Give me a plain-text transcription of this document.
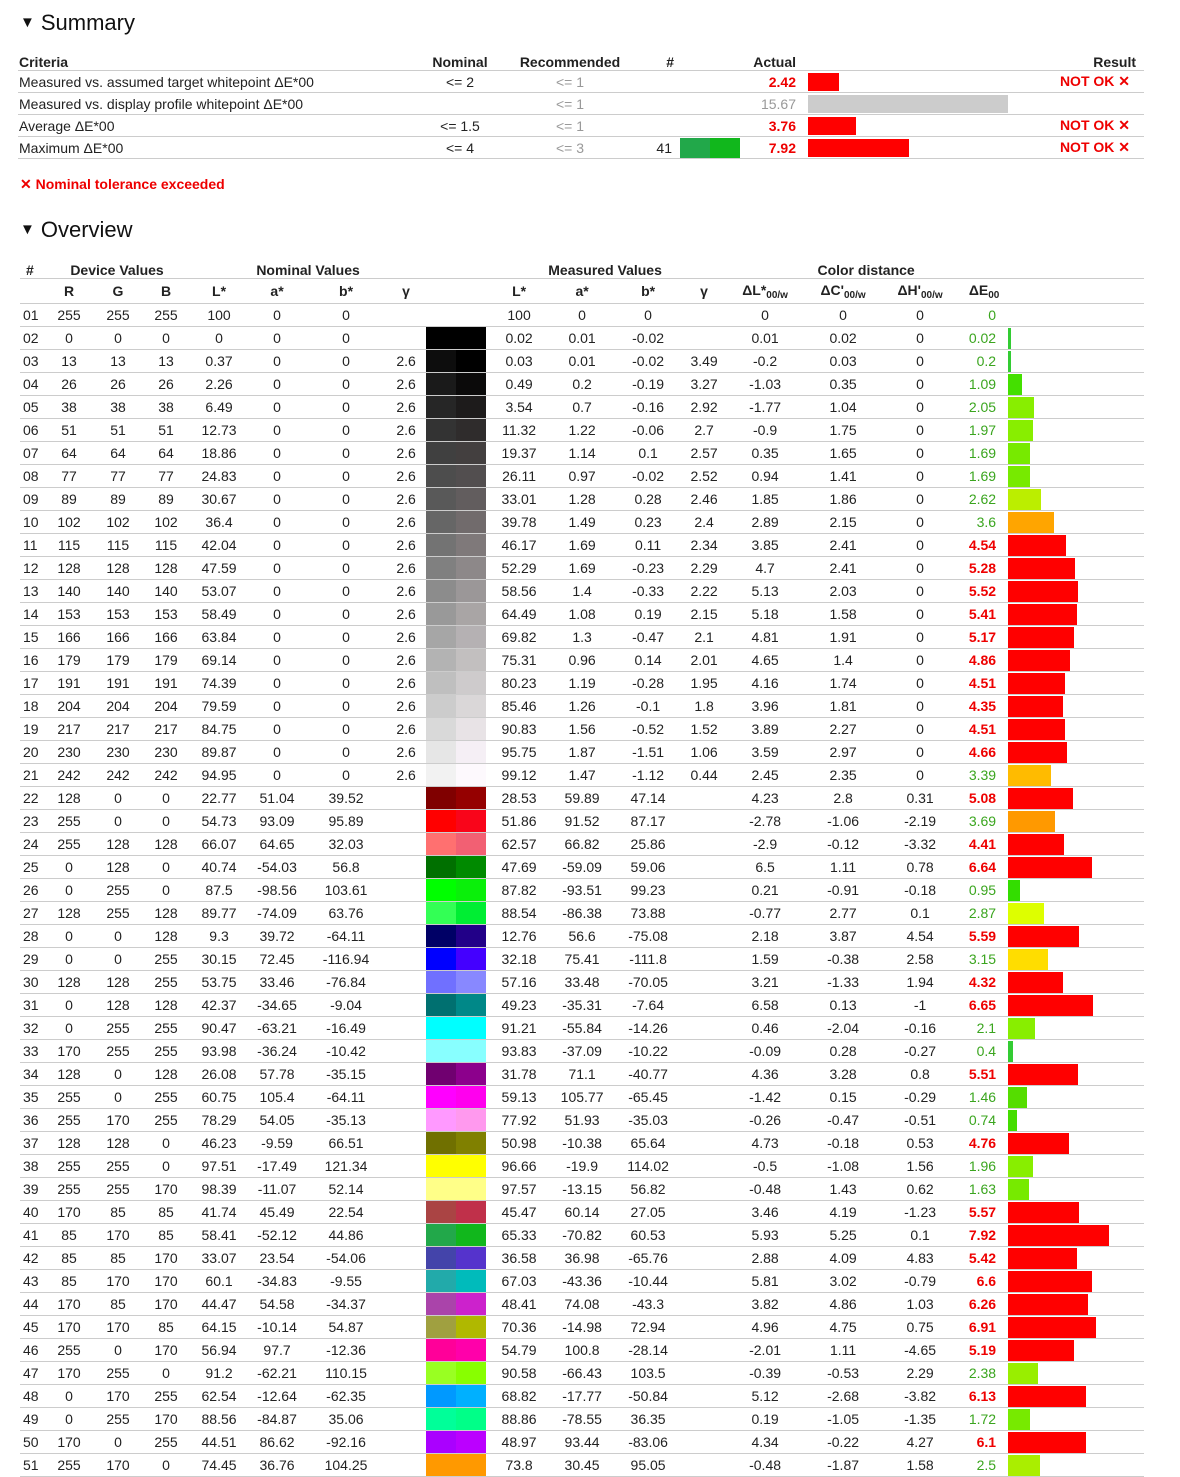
▼ Summary
Criteria	Nominal	Recommended	#		Actual		Result
Measured vs. assumed target whitepoint ΔE*00	<= 2	<= 1			2.42		NOT OK ✕
Measured vs. display profile whitepoint ΔE*00		<= 1			15.67	

Average ΔE*00	<= 1.5	<= 1			3.76		NOT OK ✕
Maximum ΔE*00	<= 4	<= 3	41		7.92		NOT OK ✕
✕ Nominal tolerance exceeded
▼ Overview
#	Device Values			Nominal Values					Measured Values				Color distance				
	R	G	B	L*	a*	b*	γ		L*	a*	b*	γ	$\Delta L*_{00/w}$	$\Delta C'_{00/w}$	$\Delta H'_{00/w}$	$\Delta E_{00}$	
01	255	255	255	100	0	0			100	0	0		0	0	0	0	

02	0	0	0	0	0	0			0.02	0.01	-0.02		0.01	0.02	0	0.02	

03	13	13	13	0.37	0	0	2.6		0.03	0.01	-0.02	3.49	-0.2	0.03	0	0.2	

04	26	26	26	2.26	0	0	2.6		0.49	0.2	-0.19	3.27	-1.03	0.35	0	1.09	

05	38	38	38	6.49	0	0	2.6		3.54	0.7	-0.16	2.92	-1.77	1.04	0	2.05	

06	51	51	51	12.73	0	0	2.6		11.32	1.22	-0.06	2.7	-0.9	1.75	0	1.97	

07	64	64	64	18.86	0	0	2.6		19.37	1.14	0.1	2.57	0.35	1.65	0	1.69	

08	77	77	77	24.83	0	0	2.6		26.11	0.97	-0.02	2.52	0.94	1.41	0	1.69	

09	89	89	89	30.67	0	0	2.6		33.01	1.28	0.28	2.46	1.85	1.86	0	2.62	

10	102	102	102	36.4	0	0	2.6		39.78	1.49	0.23	2.4	2.89	2.15	0	3.6	

11	115	115	115	42.04	0	0	2.6		46.17	1.69	0.11	2.34	3.85	2.41	0	4.54	

12	128	128	128	47.59	0	0	2.6		52.29	1.69	-0.23	2.29	4.7	2.41	0	5.28	

13	140	140	140	53.07	0	0	2.6		58.56	1.4	-0.33	2.22	5.13	2.03	0	5.52	

14	153	153	153	58.49	0	0	2.6		64.49	1.08	0.19	2.15	5.18	1.58	0	5.41	

15	166	166	166	63.84	0	0	2.6		69.82	1.3	-0.47	2.1	4.81	1.91	0	5.17	

16	179	179	179	69.14	0	0	2.6		75.31	0.96	0.14	2.01	4.65	1.4	0	4.86	

17	191	191	191	74.39	0	0	2.6		80.23	1.19	-0.28	1.95	4.16	1.74	0	4.51	

18	204	204	204	79.59	0	0	2.6		85.46	1.26	-0.1	1.8	3.96	1.81	0	4.35	

19	217	217	217	84.75	0	0	2.6		90.83	1.56	-0.52	1.52	3.89	2.27	0	4.51	

20	230	230	230	89.87	0	0	2.6		95.75	1.87	-1.51	1.06	3.59	2.97	0	4.66	

21	242	242	242	94.95	0	0	2.6		99.12	1.47	-1.12	0.44	2.45	2.35	0	3.39	

22	128	0	0	22.77	51.04	39.52			28.53	59.89	47.14		4.23	2.8	0.31	5.08	

23	255	0	0	54.73	93.09	95.89			51.86	91.52	87.17		-2.78	-1.06	-2.19	3.69	

24	255	128	128	66.07	64.65	32.03			62.57	66.82	25.86		-2.9	-0.12	-3.32	4.41	

25	0	128	0	40.74	-54.03	56.8			47.69	-59.09	59.06		6.5	1.11	0.78	6.64	

26	0	255	0	87.5	-98.56	103.61			87.82	-93.51	99.23		0.21	-0.91	-0.18	0.95	

27	128	255	128	89.77	-74.09	63.76			88.54	-86.38	73.88		-0.77	2.77	0.1	2.87	

28	0	0	128	9.3	39.72	-64.11			12.76	56.6	-75.08		2.18	3.87	4.54	5.59	

29	0	0	255	30.15	72.45	-116.94			32.18	75.41	-111.8		1.59	-0.38	2.58	3.15	

30	128	128	255	53.75	33.46	-76.84			57.16	33.48	-70.05		3.21	-1.33	1.94	4.32	

31	0	128	128	42.37	-34.65	-9.04			49.23	-35.31	-7.64		6.58	0.13	-1	6.65	

32	0	255	255	90.47	-63.21	-16.49			91.21	-55.84	-14.26		0.46	-2.04	-0.16	2.1	

33	170	255	255	93.98	-36.24	-10.42			93.83	-37.09	-10.22		-0.09	0.28	-0.27	0.4	

34	128	0	128	26.08	57.78	-35.15			31.78	71.1	-40.77		4.36	3.28	0.8	5.51	

35	255	0	255	60.75	105.4	-64.11			59.13	105.77	-65.45		-1.42	0.15	-0.29	1.46	

36	255	170	255	78.29	54.05	-35.13			77.92	51.93	-35.03		-0.26	-0.47	-0.51	0.74	

37	128	128	0	46.23	-9.59	66.51			50.98	-10.38	65.64		4.73	-0.18	0.53	4.76	

38	255	255	0	97.51	-17.49	121.34			96.66	-19.9	114.02		-0.5	-1.08	1.56	1.96	

39	255	255	170	98.39	-11.07	52.14			97.57	-13.15	56.82		-0.48	1.43	0.62	1.63	

40	170	85	85	41.74	45.49	22.54			45.47	60.14	27.05		3.46	4.19	-1.23	5.57	

41	85	170	85	58.41	-52.12	44.86			65.33	-70.82	60.53		5.93	5.25	0.1	7.92	

42	85	85	170	33.07	23.54	-54.06			36.58	36.98	-65.76		2.88	4.09	4.83	5.42	

43	85	170	170	60.1	-34.83	-9.55			67.03	-43.36	-10.44		5.81	3.02	-0.79	6.6	

44	170	85	170	44.47	54.58	-34.37			48.41	74.08	-43.3		3.82	4.86	1.03	6.26	

45	170	170	85	64.15	-10.14	54.87			70.36	-14.98	72.94		4.96	4.75	0.75	6.91	

46	255	0	170	56.94	97.7	-12.36			54.79	100.8	-28.14		-2.01	1.11	-4.65	5.19	

47	170	255	0	91.2	-62.21	110.15			90.58	-66.43	103.5		-0.39	-0.53	2.29	2.38	

48	0	170	255	62.54	-12.64	-62.35			68.82	-17.77	-50.84		5.12	-2.68	-3.82	6.13	

49	0	255	170	88.56	-84.87	35.06			88.86	-78.55	36.35		0.19	-1.05	-1.35	1.72	

50	170	0	255	44.51	86.62	-92.16			48.97	93.44	-83.06		4.34	-0.22	4.27	6.1	

51	255	170	0	74.45	36.76	104.25			73.8	30.45	95.05		-0.48	-1.87	1.58	2.5	
